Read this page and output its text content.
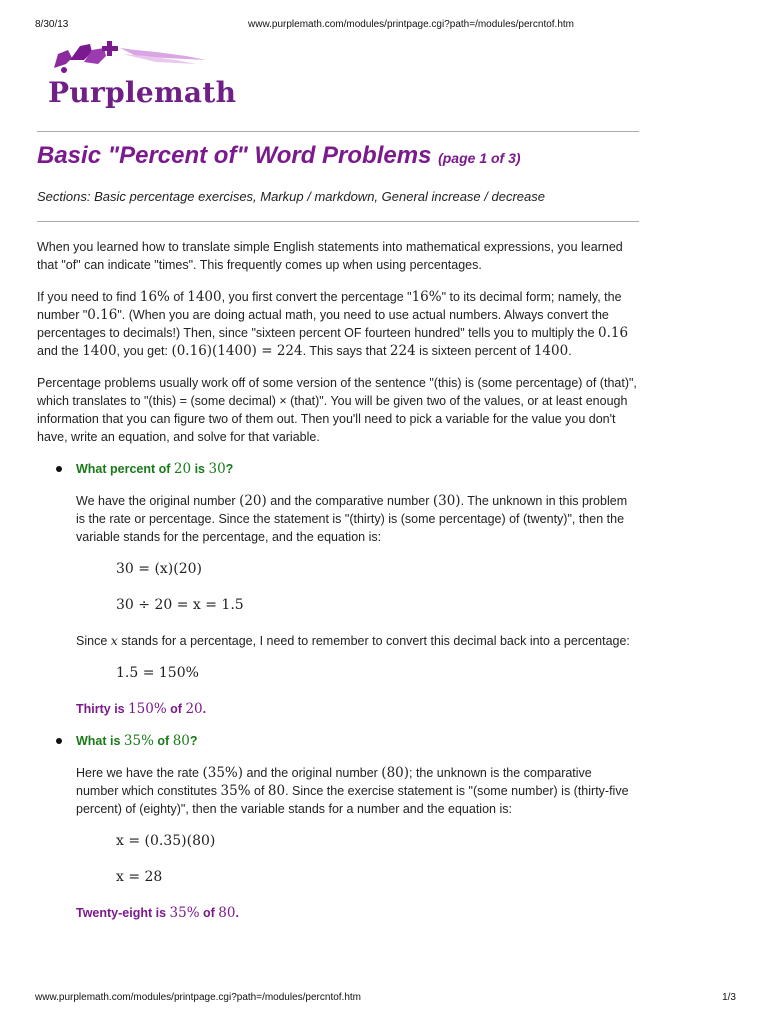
8/30/13	www.purplemath.com/modules/printpage.cgi?path=/modules/percntof.htm
Purplemath
Basic "Percent of" Word Problems (page 1 of 3)
Sections: Basic percentage exercises, Markup / markdown, General increase / decrease

When you learned how to translate simple English statements into mathematical expressions, you learned that "of" can indicate "times". This frequently comes up when using percentages.

If you need to find 16% of 1400, you first convert the percentage "16%" to its decimal form; namely, the number "0.16". (When you are doing actual math, you need to use actual numbers. Always convert the percentages to decimals!) Then, since "sixteen percent OF fourteen hundred" tells you to multiply the 0.16 and the 1400, you get: (0.16)(1400) = 224. This says that 224 is sixteen percent of 1400.

Percentage problems usually work off of some version of the sentence "(this) is (some percentage) of (that)", which translates to "(this) = (some decimal) × (that)". You will be given two of the values, or at least enough information that you can figure two of them out. Then you'll need to pick a variable for the value you don't have, write an equation, and solve for that variable.

What percent of 20 is 30?

We have the original number (20) and the comparative number (30). The unknown in this problem is the rate or percentage. Since the statement is "(thirty) is (some percentage) of (twenty)", then the variable stands for the percentage, and the equation is:

30 = (x)(20)
30 ÷ 20 = x = 1.5

Since x stands for a percentage, I need to remember to convert this decimal back into a percentage:

1.5 = 150%

Thirty is 150% of 20.

What is 35% of 80?

Here we have the rate (35%) and the original number (80); the unknown is the comparative number which constitutes 35% of 80. Since the exercise statement is "(some number) is (thirty-five percent) of (eighty)", then the variable stands for a number and the equation is:

x = (0.35)(80)
x = 28

Twenty-eight is 35% of 80.

www.purplemath.com/modules/printpage.cgi?path=/modules/percntof.htm	1/3
